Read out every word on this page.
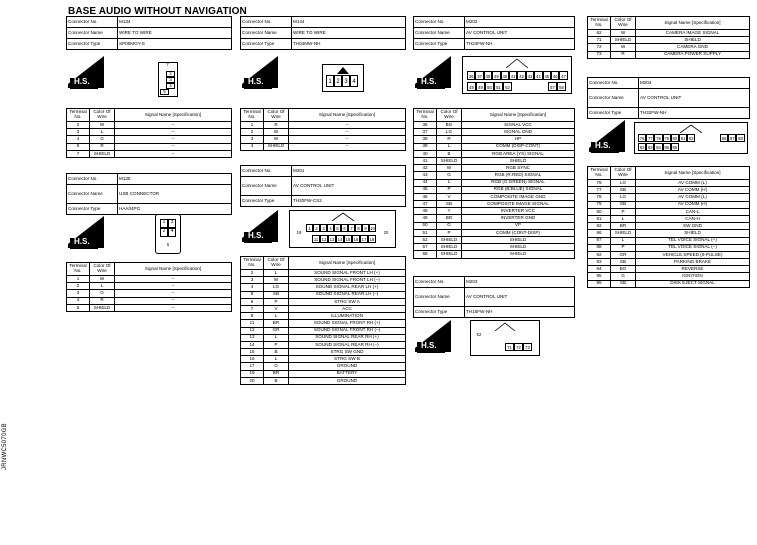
BASE AUDIO WITHOUT NAVIGATION
JRNWC5070GB
Connector No.	M134
Connector Name	WIRE TO WIRE
Connector Type	SP06MGY-S
H.S.
7
2
3
4
5
Terminal No.	Color Of Wire	Signal Name [Specification]
2	W	–
3	L	–
4	G	–
5	R	–
7	SHIELD	–
Connector No.	M135
Connector Name	USB CONNECTOR
Connector Type	HAA04PG
H.S.
1	3
2	4
5
Terminal No.	Color Of Wire	Signal Name [Specification]
1	W	–
2	L	–
3	G	–
4	R	–
5	SHIELD	–
Connector No.	M144
Connector Name	WIRE TO WIRE
Connector Type	TH04MW-NH
H.S.	1 2 3 4
Terminal No.	Color Of Wire	Signal Name [Specification]
1	R	–
2	W	–
3	W	–
4	SHIELD	–
Connector No.	M201
Connector Name	AV CONTROL UNIT
Connector Type	TH20FW-CS2
H.S.	19	20
1	2	3	4	5	6	7	8	9 10
11 12 13 14 15 16 17 18
Terminal No.	Color Of Wire	Signal Name [Specification]
2	L	SOUND SIGNAL FRONT LH (+)
3	W	SOUND SIGNAL FRONT LH (–)
4	LG	SOUND SIGNAL REAR LH (+)
5	SB	SOUND SIGNAL REAR LH (–)
6	P	STRG SW A
7	V	ACC
9	L	ILLUMINATION
11	BR	SOUND SIGNAL FRONT RH (+)
12	GR	SOUND SIGNAL FRONT RH (–)
13	L	SOUND SIGNAL REAR RH (+)
14	P	SOUND SIGNAL REAR RH (–)
15	B	STRG SW GND
16	L	STRG SW B
17	G	GROUND
19	BR	BATTERY
20	B	GROUND
Connector No.	M202
Connector Name	AV CONTROL UNIT
Connector Type	TH24FW-NH
H.S.
36 37 38 39 40 41 42 43 44 45 46 47
48	49	50	51	52	57	58
Terminal No.	Color Of Wire	Signal Name [Specification]
36	BG	SIGNAL VCC
37	LG	SIGNAL GND
38	R	HP
39	L	COMM (DISP-CONT)
40	B	RGB AREA (YS) SIGNAL
41	SHIELD	SHIELD
42	W	RGB SYNC
43	G	RGB (R:RED) SIGNAL
44	L	RGB (G:GREEN) SIGNAL
45	P	RGB (B:BLUE) SIGNAL
46	V	COMPOSITE IMAGE GND
47	SB	COMPOSITE IMAGE SIGNAL
48	Y	INVERTER VCC
49	BR	INVERTER GND
50	G	VP
51	P	COMM (CONT-DISP)
52	SHIELD	SHIELD
57	SHIELD	SHIELD
58	SHIELD	SHIELD
Connector No.	M203
Connector Name	AV CONTROL UNIT
Connector Type	TH16FW-NH
H.S.
62
71	72	73
Terminal No.	Color Of Wire	Signal Name [Specification]
62	W	CAMERA IMAGE SIGNAL
71	SHIELD	SHIELD
72	W	CAMERA GND
73	R	CAMERA POWER SUPPLY
Connector No.	M204
Connector Name	AV CONTROL UNIT
Connector Type	TH32FW-NH
H.S.
76 77 78 79 80 81 82	86 87 88
92 93 94 95 96
Terminal No.	Color Of Wire	Signal Name [Specification]
76	LG	AV COMM (L)
77	SB	AV COMM (H)
78	LG	AV COMM (L)
79	SB	AV COMM (H)
80	P	CAN-L
81	L	CAN-H
82	BR	SW GND
86	SHIELD	SHIELD
87	L	TEL VOICE SIGNAL (+)
88	P	TEL VOICE SIGNAL (–)
92	GR	VEHICLE SPEED (8-PULSE)
93	SB	PARKING BRAKE
94	BG	REVERSE
95	G	IGNITION
96	SB	DISK EJECT SIGNAL
